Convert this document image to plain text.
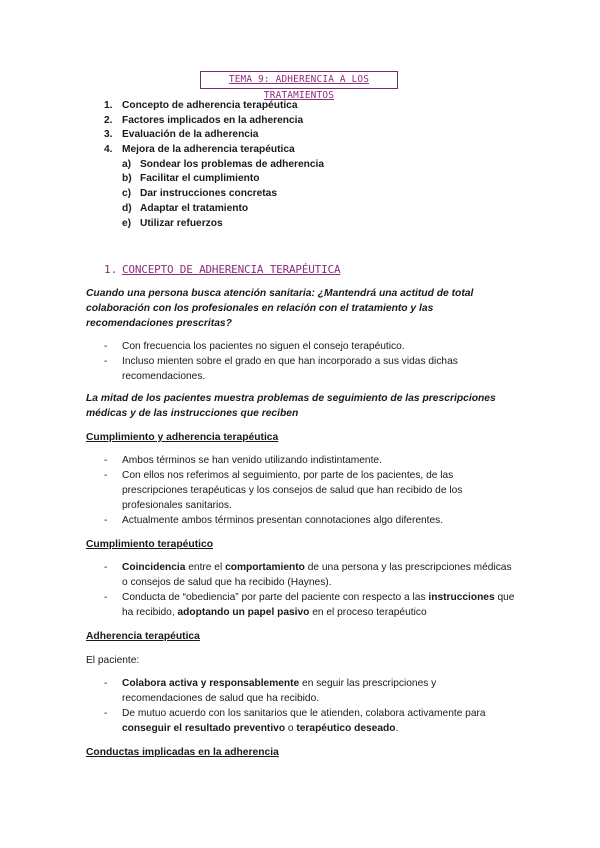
TEMA 9: ADHERENCIA A LOS TRATAMIENTOS
1. Concepto de adherencia terapéutica
2. Factores implicados en la adherencia
3. Evaluación de la adherencia
4. Mejora de la adherencia terapéutica
a) Sondear los problemas de adherencia
b) Facilitar el cumplimiento
c) Dar instrucciones concretas
d) Adaptar el tratamiento
e) Utilizar refuerzos
1. CONCEPTO DE ADHERENCIA TERAPÉUTICA

Cuando una persona busca atención sanitaria: ¿Mantendrá una actitud de total colaboración con los profesionales en relación con el tratamiento y las recomendaciones prescritas?

-	Con frecuencia los pacientes no siguen el consejo terapéutico.
-	Incluso mienten sobre el grado en que han incorporado a sus vidas dichas recomendaciones.

La mitad de los pacientes muestra problemas de seguimiento de las prescripciones médicas y de las instrucciones que reciben

Cumplimiento y adherencia terapéutica

-	Ambos términos se han venido utilizando indistintamente.
-	Con ellos nos referimos al seguimiento, por parte de los pacientes, de las prescripciones terapéuticas y los consejos de salud que han recibido de los profesionales sanitarios.
-	Actualmente ambos términos presentan connotaciones algo diferentes.

Cumplimiento terapéutico

-	Coincidencia entre el comportamiento de una persona y las prescripciones médicas o consejos de salud que ha recibido (Haynes).
-	Conducta de “obediencia” por parte del paciente con respecto a las instrucciones que ha recibido, adoptando un papel pasivo en el proceso terapéutico

Adherencia terapéutica

El paciente:

-	Colabora activa y responsablemente en seguir las prescripciones y recomendaciones de salud que ha recibido.
-	De mutuo acuerdo con los sanitarios que le atienden, colabora activamente para conseguir el resultado preventivo o terapéutico deseado.

Conductas implicadas en la adherencia
